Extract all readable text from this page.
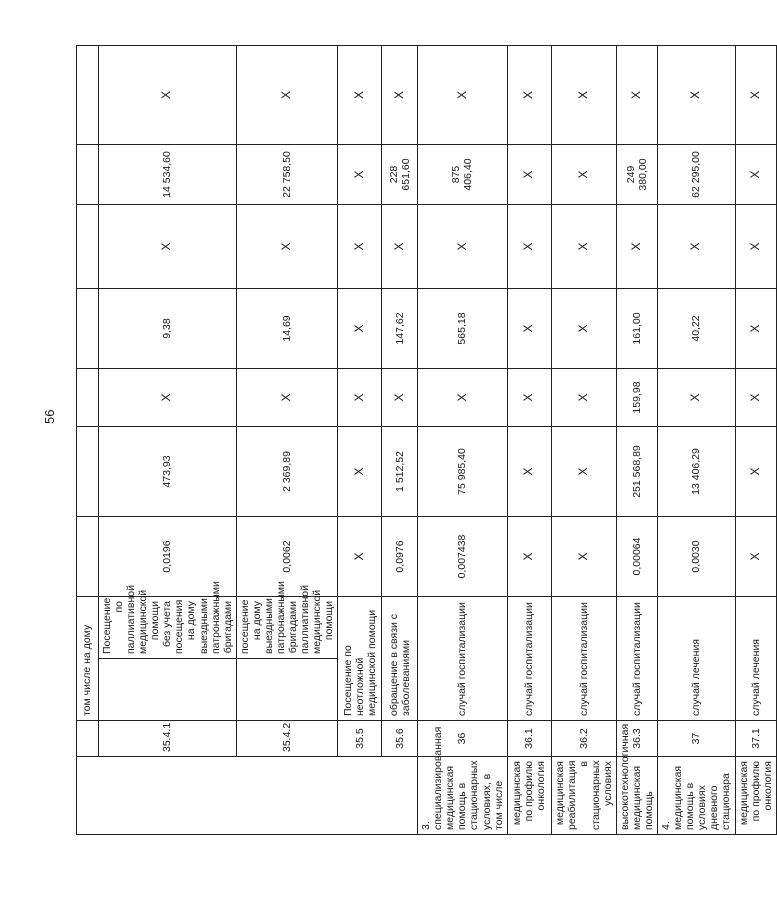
56
		том числе на дому								
	35.4.1		Посещение по паллиативной медицинской помощи без учета посещения на дому выездными патронажными бригадами	0,0196	473,93	X	9,38	X	14 534,60	X
	35.4.2		посещение на дому выездными патронажными бригадами паллиативной медицинской помощи	0,0062	2 369,89	X	14,69	X	22 758,50	X
	35.5	Посещение по неотложной медицинской помощи		X	X	X	X	X	X	X
	35.6	обращение в связи с заболеваниями		0,0976	1 512,52	X	147,62	X	228 651,60	X
3. специализированная медицинская помощь в стационарных условиях, в том числе	36	случай госпитализации		0,007438	75 985,40	X	565,18	X	875 406,40	X
медицинская по профилю онкология	36.1	случай госпитализации		X	X	X	X	X	X	X
медицинская реабилитация в стационарных условиях	36.2	случай госпитализации		X	X	X	X	X	X	X
высокотехнологичная медицинская помощь	36.3	случай госпитализации		0,00064	251 568,89	159,98	161,00	X	249 380,00	X
4. медицинская помощь в условиях дневного стационара	37	случай лечения		0,0030	13 406,29	X	40,22	X	62 295,00	X
медицинская по профилю онкология	37.1	случай лечения		X	X	X	X	X	X	X
